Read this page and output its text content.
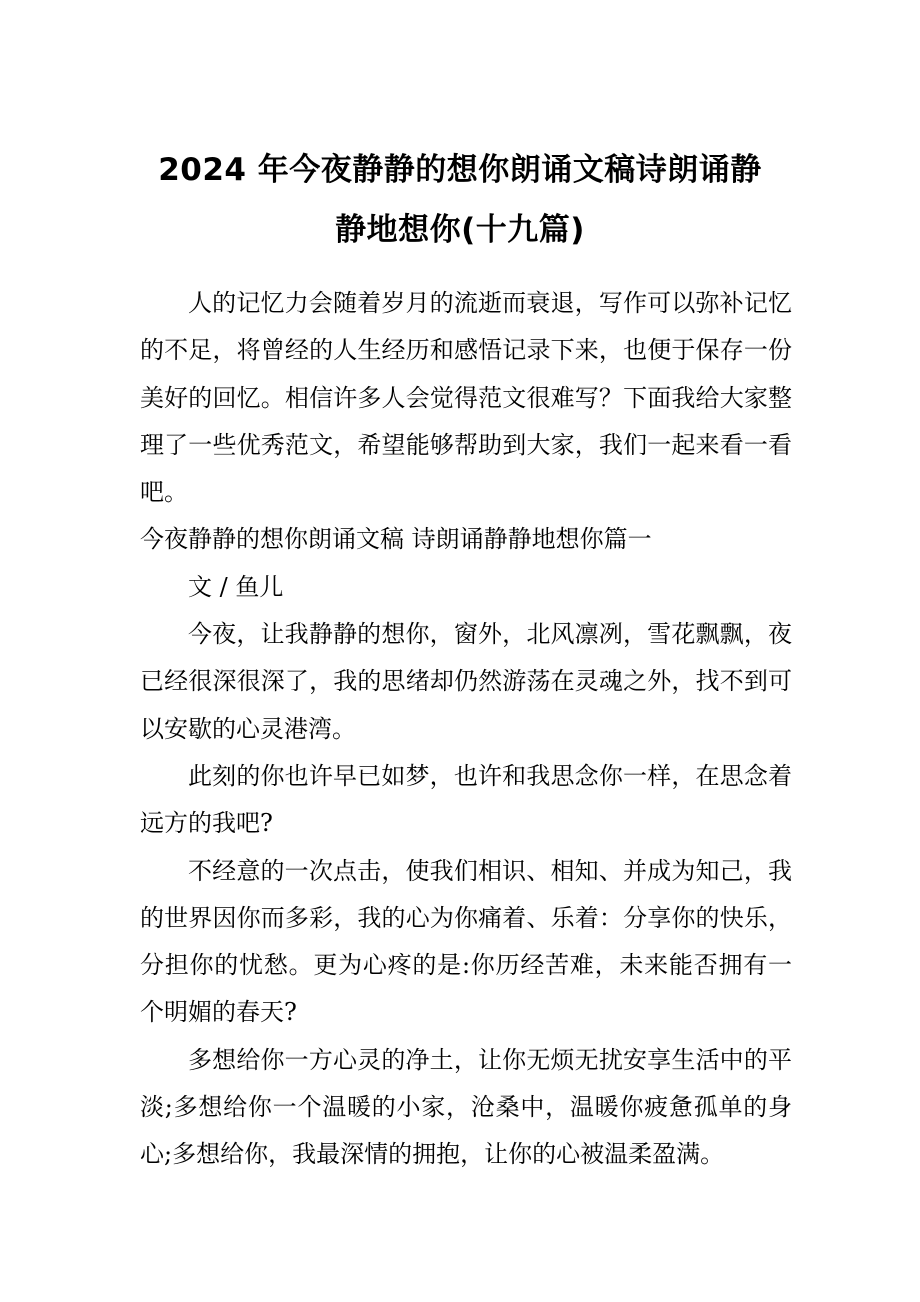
2024 年今夜静静的想你朗诵文稿诗朗诵静
静地想你(十九篇)

人的记忆力会随着岁月的流逝而衰退，写作可以弥补记忆的不足，将曾经的人生经历和感悟记录下来，也便于保存一份美好的回忆。相信许多人会觉得范文很难写？下面我给大家整理了一些优秀范文，希望能够帮助到大家，我们一起来看一看吧。

今夜静静的想你朗诵文稿 诗朗诵静静地想你篇一

文 / 鱼儿

今夜，让我静静的想你，窗外，北风凛冽，雪花飘飘，夜已经很深很深了，我的思绪却仍然游荡在灵魂之外，找不到可以安歇的心灵港湾。

此刻的你也许早已如梦，也许和我思念你一样，在思念着远方的我吧?

不经意的一次点击，使我们相识、相知、并成为知己，我的世界因你而多彩，我的心为你痛着、乐着：分享你的快乐，分担你的忧愁。更为心疼的是:你历经苦难，未来能否拥有一个明媚的春天?

多想给你一方心灵的净土，让你无烦无扰安享生活中的平淡;多想给你一个温暖的小家，沧桑中，温暖你疲惫孤单的身心;多想给你，我最深情的拥抱，让你的心被温柔盈满。
